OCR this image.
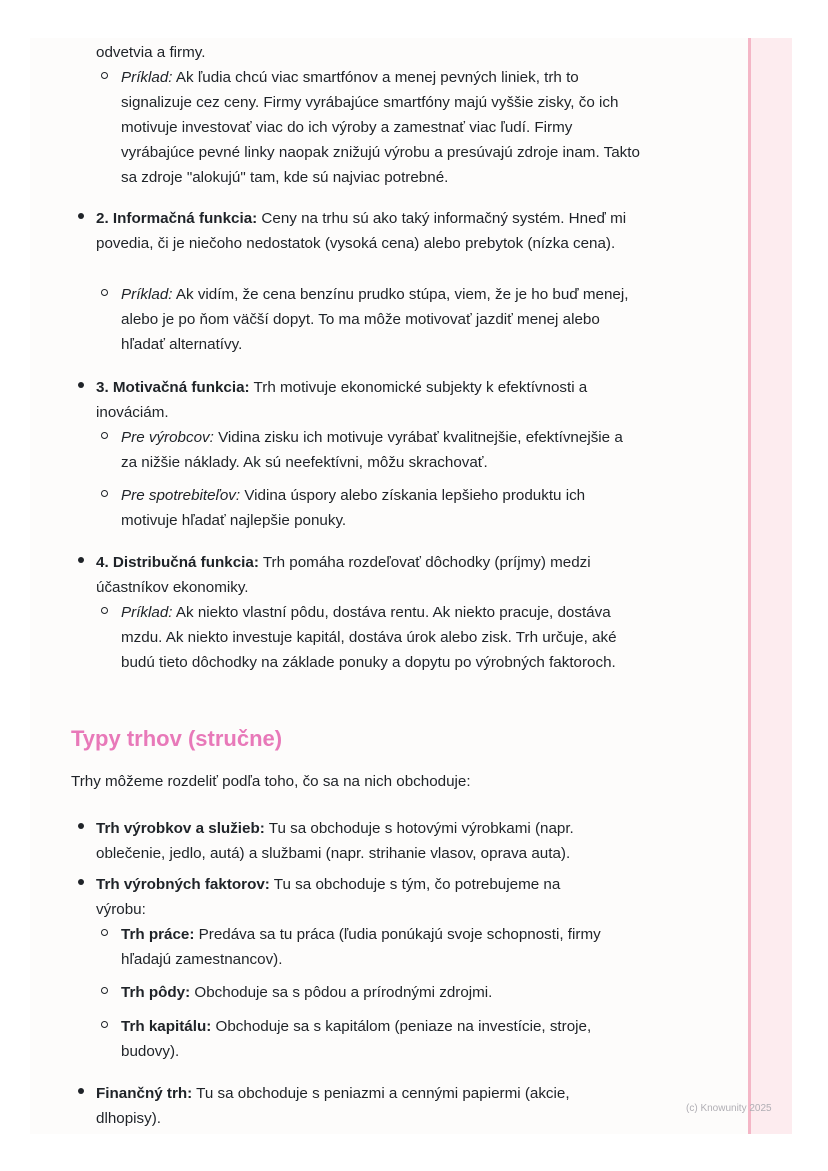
odvetvia a firmy.
Príklad: Ak ľudia chcú viac smartfónov a menej pevných liniek, trh to signalizuje cez ceny. Firmy vyrábajúce smartfóny majú vyššie zisky, čo ich motivuje investovať viac do ich výroby a zamestnať viac ľudí. Firmy vyrábajúce pevné linky naopak znižujú výrobu a presúvajú zdroje inam. Takto sa zdroje "alokujú" tam, kde sú najviac potrebné.
2. Informačná funkcia: Ceny na trhu sú ako taký informačný systém. Hneď mi povedia, či je niečoho nedostatok (vysoká cena) alebo prebytok (nízka cena).
Príklad: Ak vidím, že cena benzínu prudko stúpa, viem, že je ho buď menej, alebo je po ňom väčší dopyt. To ma môže motivovať jazdiť menej alebo hľadať alternatívy.
3. Motivačná funkcia: Trh motivuje ekonomické subjekty k efektívnosti a inováciám.
Pre výrobcov: Vidina zisku ich motivuje vyrábať kvalitnejšie, efektívnejšie a za nižšie náklady. Ak sú neefektívni, môžu skrachovať.
Pre spotrebiteľov: Vidina úspory alebo získania lepšieho produktu ich motivuje hľadať najlepšie ponuky.
4. Distribučná funkcia: Trh pomáha rozdeľovať dôchodky (príjmy) medzi účastníkov ekonomiky.
Príklad: Ak niekto vlastní pôdu, dostáva rentu. Ak niekto pracuje, dostáva mzdu. Ak niekto investuje kapitál, dostáva úrok alebo zisk. Trh určuje, aké budú tieto dôchodky na základe ponuky a dopytu po výrobných faktoroch.
Typy trhov (stručne)
Trhy môžeme rozdeliť podľa toho, čo sa na nich obchoduje:
Trh výrobkov a služieb: Tu sa obchoduje s hotovými výrobkami (napr. oblečenie, jedlo, autá) a službami (napr. strihanie vlasov, oprava auta).
Trh výrobných faktorov: Tu sa obchoduje s tým, čo potrebujeme na výrobu:
Trh práce: Predáva sa tu práca (ľudia ponúkajú svoje schopnosti, firmy hľadajú zamestnancov).
Trh pôdy: Obchoduje sa s pôdou a prírodnými zdrojmi.
Trh kapitálu: Obchoduje sa s kapitálom (peniaze na investície, stroje, budovy).
Finančný trh: Tu sa obchoduje s peniazmi a cennými papiermi (akcie, dlhopisy).
(c) Knowunity 2025
